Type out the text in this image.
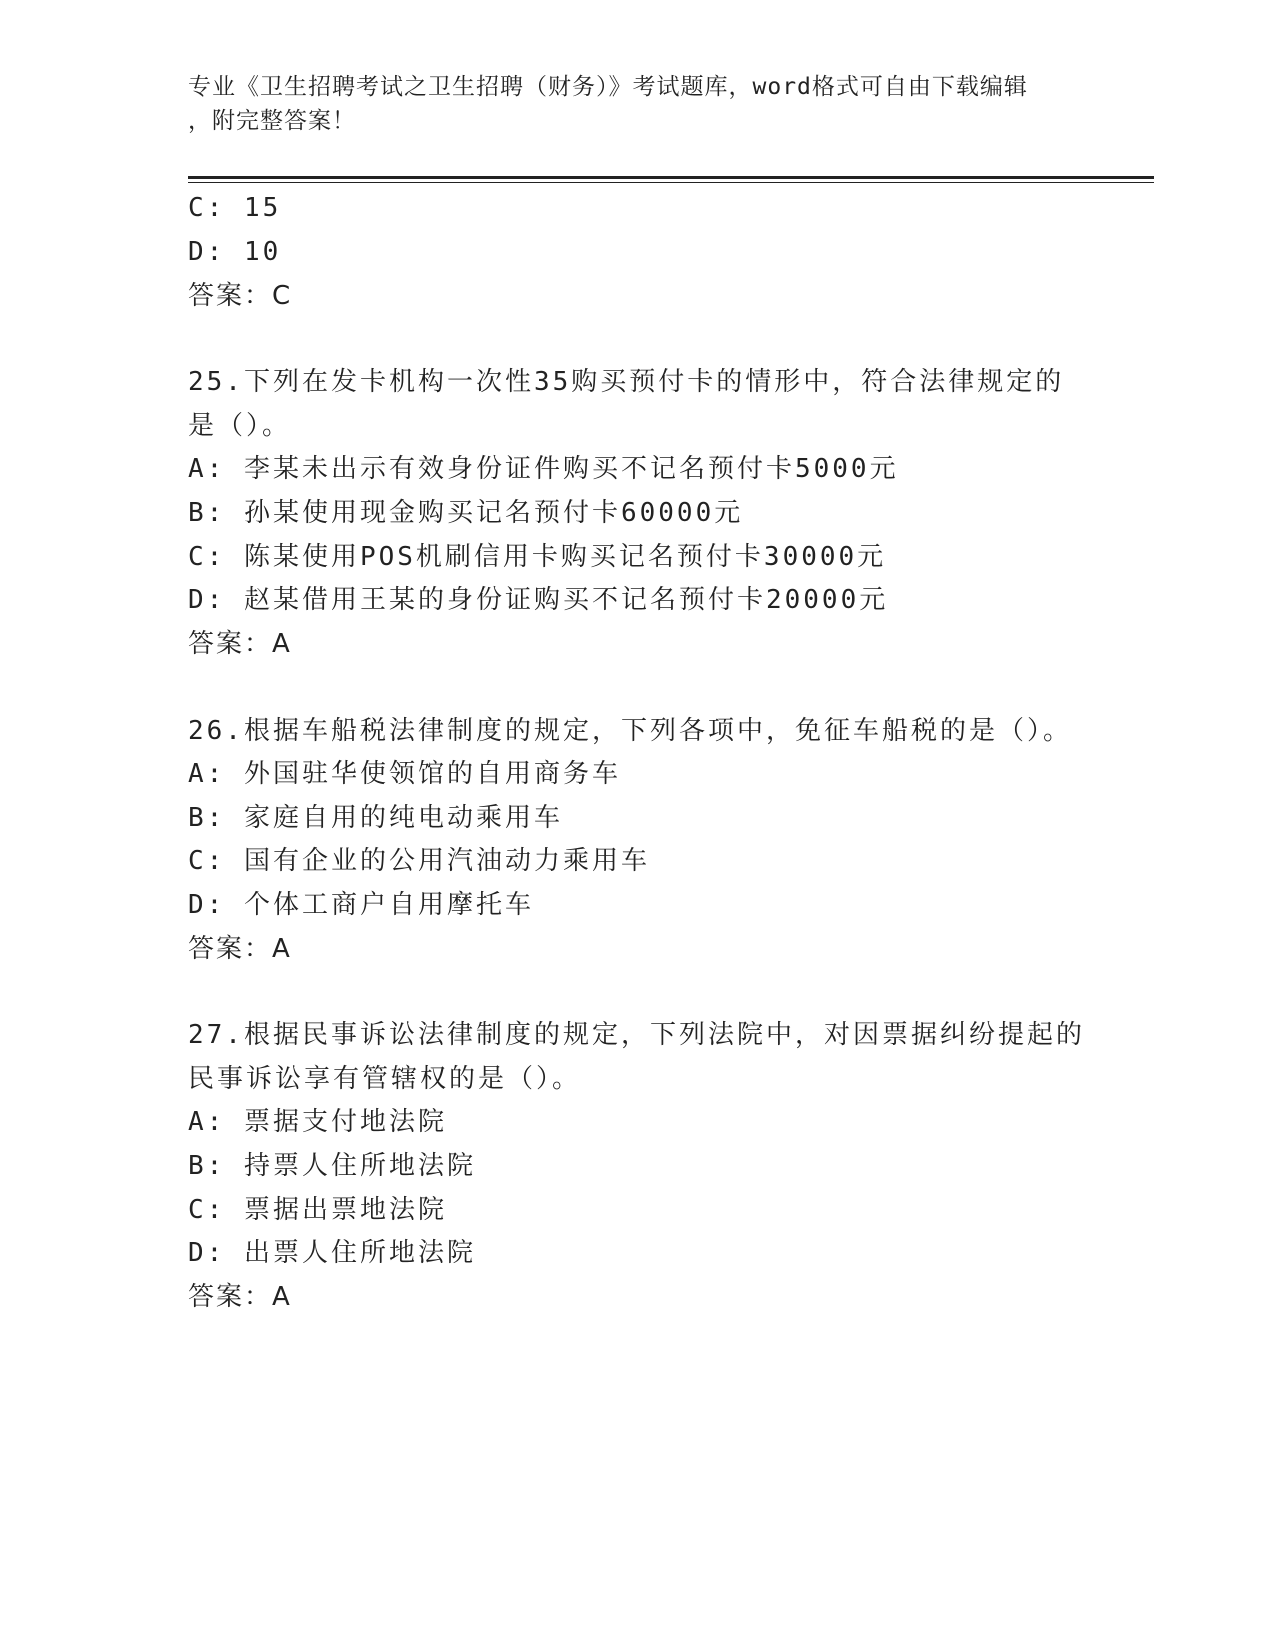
专业《卫生招聘考试之卫生招聘（财务）》考试题库，word格式可自由下载编辑
，附完整答案！
C: 15
D: 10
答案：C
25.下列在发卡机构一次性35购买预付卡的情形中，符合法律规定的
是（）。
A: 李某未出示有效身份证件购买不记名预付卡5000元
B: 孙某使用现金购买记名预付卡60000元
C: 陈某使用POS机刷信用卡购买记名预付卡30000元
D: 赵某借用王某的身份证购买不记名预付卡20000元
答案：A
26.根据车船税法律制度的规定，下列各项中，免征车船税的是（）。
A: 外国驻华使领馆的自用商务车
B: 家庭自用的纯电动乘用车
C: 国有企业的公用汽油动力乘用车
D: 个体工商户自用摩托车
答案：A
27.根据民事诉讼法律制度的规定，下列法院中，对因票据纠纷提起的
民事诉讼享有管辖权的是（）。
A: 票据支付地法院
B: 持票人住所地法院
C: 票据出票地法院
D: 出票人住所地法院
答案：A
